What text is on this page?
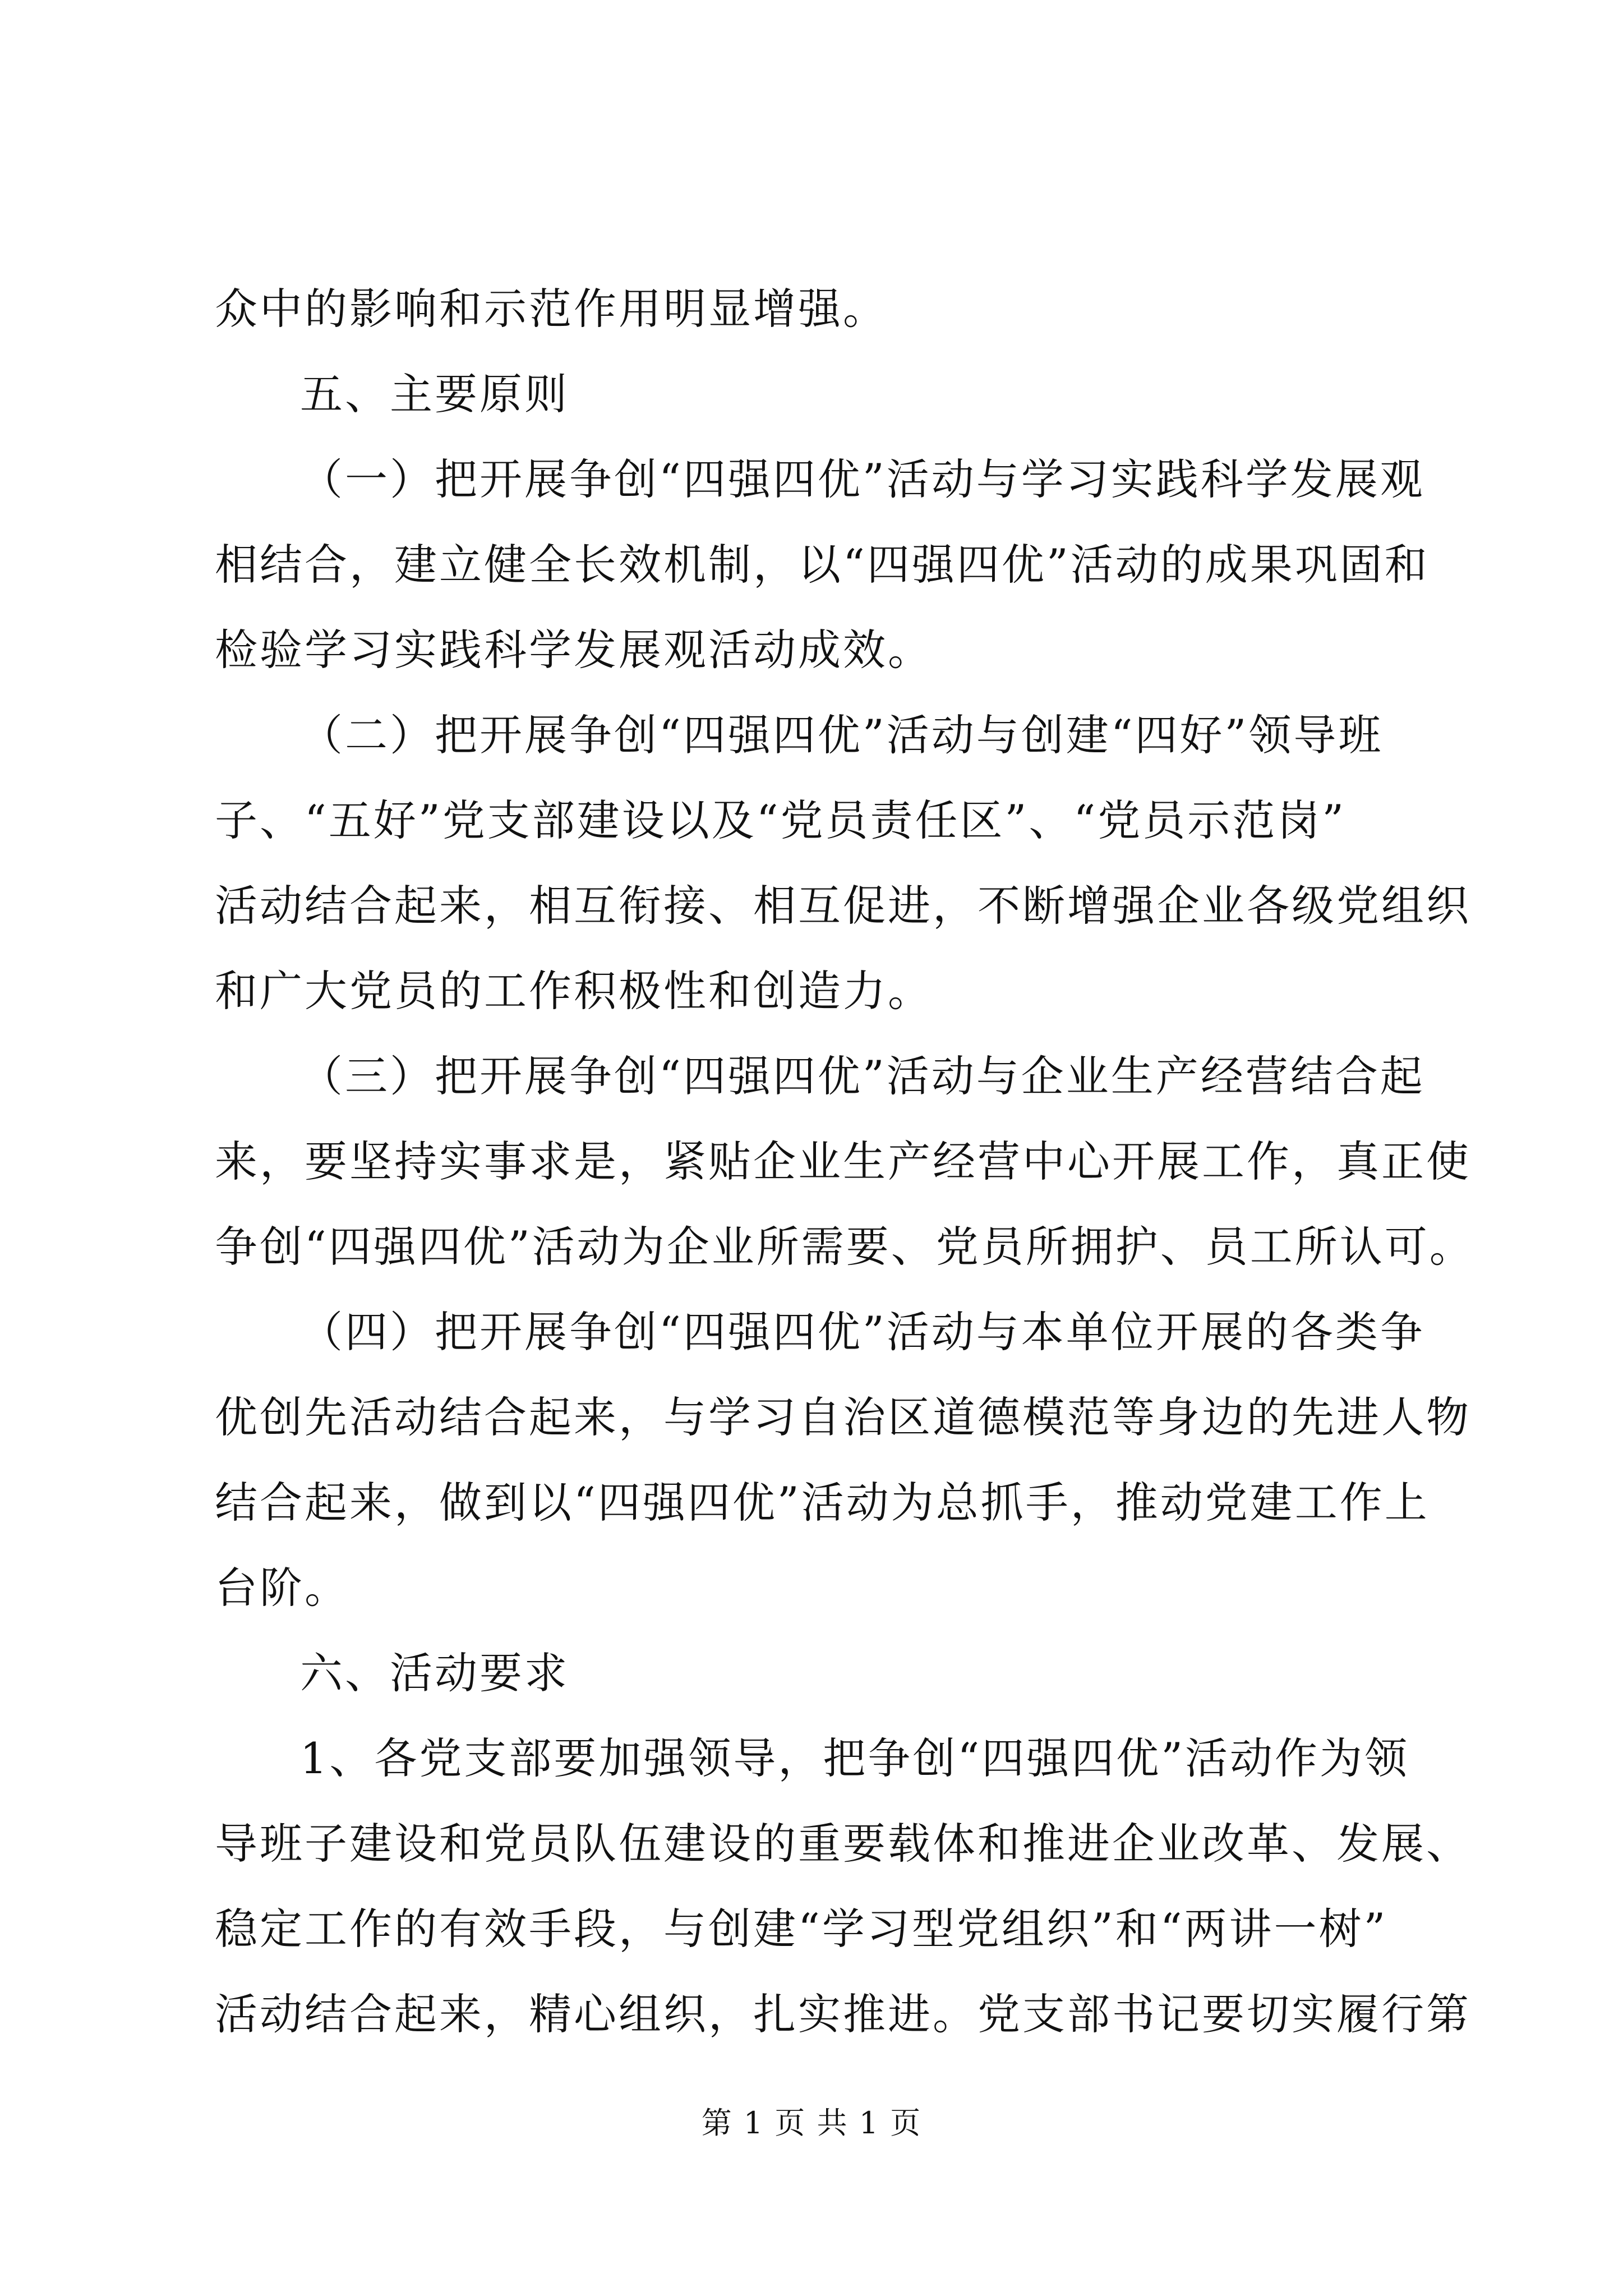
众中的影响和示范作用明显增强。
五、主要原则
（一）把开展争创“四强四优”活动与学习实践科学发展观
相结合，建立健全长效机制，以“四强四优”活动的成果巩固和
检验学习实践科学发展观活动成效。
（二）把开展争创“四强四优”活动与创建“四好”领导班
子、“五好”党支部建设以及“党员责任区”、“党员示范岗”
活动结合起来，相互衔接、相互促进，不断增强企业各级党组织
和广大党员的工作积极性和创造力。
（三）把开展争创“四强四优”活动与企业生产经营结合起
来，要坚持实事求是，紧贴企业生产经营中心开展工作，真正使
争创“四强四优”活动为企业所需要、党员所拥护、员工所认可。
（四）把开展争创“四强四优”活动与本单位开展的各类争
优创先活动结合起来，与学习自治区道德模范等身边的先进人物
结合起来，做到以“四强四优”活动为总抓手，推动党建工作上
台阶。
六、活动要求
1、各党支部要加强领导，把争创“四强四优”活动作为领
导班子建设和党员队伍建设的重要载体和推进企业改革、发展、
稳定工作的有效手段，与创建“学习型党组织”和“两讲一树”
活动结合起来，精心组织，扎实推进。党支部书记要切实履行第
第 1 页 共 1 页
